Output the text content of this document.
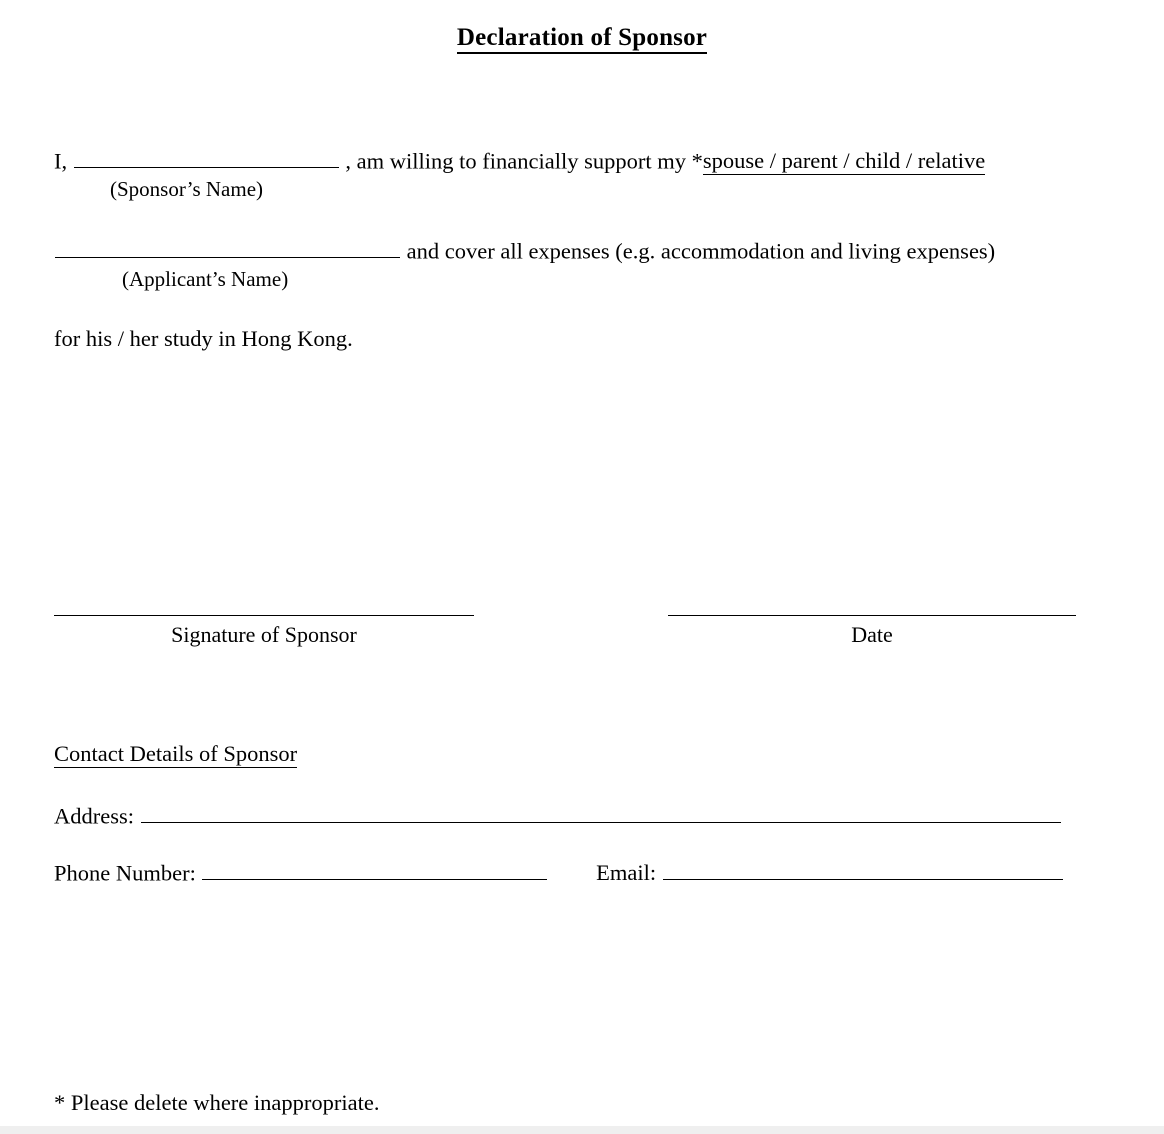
Declaration of Sponsor
I,	, am willing to financially support my *spouse / parent / child / relative
(Sponsor’s Name)
and cover all expenses (e.g. accommodation and living expenses)
(Applicant’s Name)
for his / her study in Hong Kong.
Signature of Sponsor	Date
Contact Details of Sponsor
Address:
Phone Number:	Email:
* Please delete where inappropriate.
